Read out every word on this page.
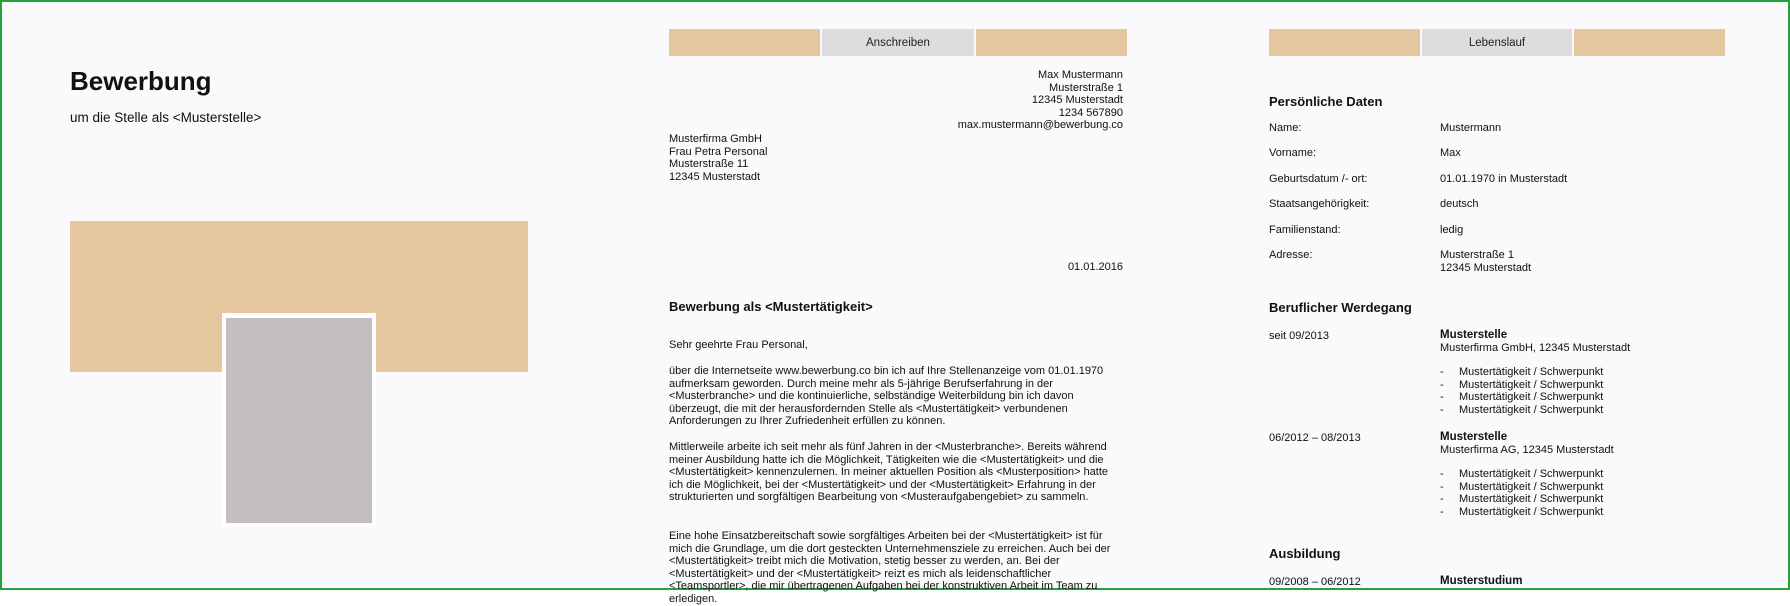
Bewerbung
um die Stelle als <Musterstelle>
Anschreiben
Max Mustermann
Musterstraße 1
12345 Musterstadt
1234 567890
max.mustermann@bewerbung.co
Musterfirma GmbH
Frau Petra Personal
Musterstraße 11
12345 Musterstadt
01.01.2016
Bewerbung als <Mustertätigkeit>
Sehr geehrte Frau Personal,
über die Internetseite www.bewerbung.co bin ich auf Ihre Stellenanzeige vom 01.01.1970
aufmerksam geworden. Durch meine mehr als 5-jährige Berufserfahrung in der
<Musterbranche> und die kontinuierliche, selbständige Weiterbildung bin ich davon
überzeugt, die mit der herausfordernden Stelle als <Mustertätigkeit> verbundenen
Anforderungen zu Ihrer Zufriedenheit erfüllen zu können.
Mittlerweile arbeite ich seit mehr als fünf Jahren in der <Musterbranche>. Bereits während
meiner Ausbildung hatte ich die Möglichkeit, Tätigkeiten wie die <Mustertätigkeit> und die
<Mustertätigkeit> kennenzulernen. In meiner aktuellen Position als <Musterposition> hatte
ich die Möglichkeit, bei der <Mustertätigkeit> und der <Mustertätigkeit> Erfahrung in der
strukturierten und sorgfältigen Bearbeitung von <Musteraufgabengebiet> zu sammeln.
Eine hohe Einsatzbereitschaft sowie sorgfältiges Arbeiten bei der <Mustertätigkeit> ist für
mich die Grundlage, um die dort gesteckten Unternehmensziele zu erreichen. Auch bei der
<Mustertätigkeit> treibt mich die Motivation, stetig besser zu werden, an. Bei der
<Mustertätigkeit> und der <Mustertätigkeit> reizt es mich als leidenschaftlicher
<Teamsportler>, die mir übertragenen Aufgaben bei der konstruktiven Arbeit im Team zu
erledigen.
Lebenslauf
Persönliche Daten
Name:	Mustermann
Vorname:	Max
Geburtsdatum /- ort:	01.01.1970 in Musterstadt
Staatsangehörigkeit:	deutsch
Familienstand:	ledig
Adresse:	Musterstraße 1
12345 Musterstadt
Beruflicher Werdegang
seit 09/2013	Musterstelle
Musterfirma GmbH, 12345 Musterstadt
- Mustertätigkeit / Schwerpunkt
- Mustertätigkeit / Schwerpunkt
- Mustertätigkeit / Schwerpunkt
- Mustertätigkeit / Schwerpunkt
06/2012 – 08/2013	Musterstelle
Musterfirma AG, 12345 Musterstadt
- Mustertätigkeit / Schwerpunkt
- Mustertätigkeit / Schwerpunkt
- Mustertätigkeit / Schwerpunkt
- Mustertätigkeit / Schwerpunkt
Ausbildung
09/2008 – 06/2012	Musterstudium
